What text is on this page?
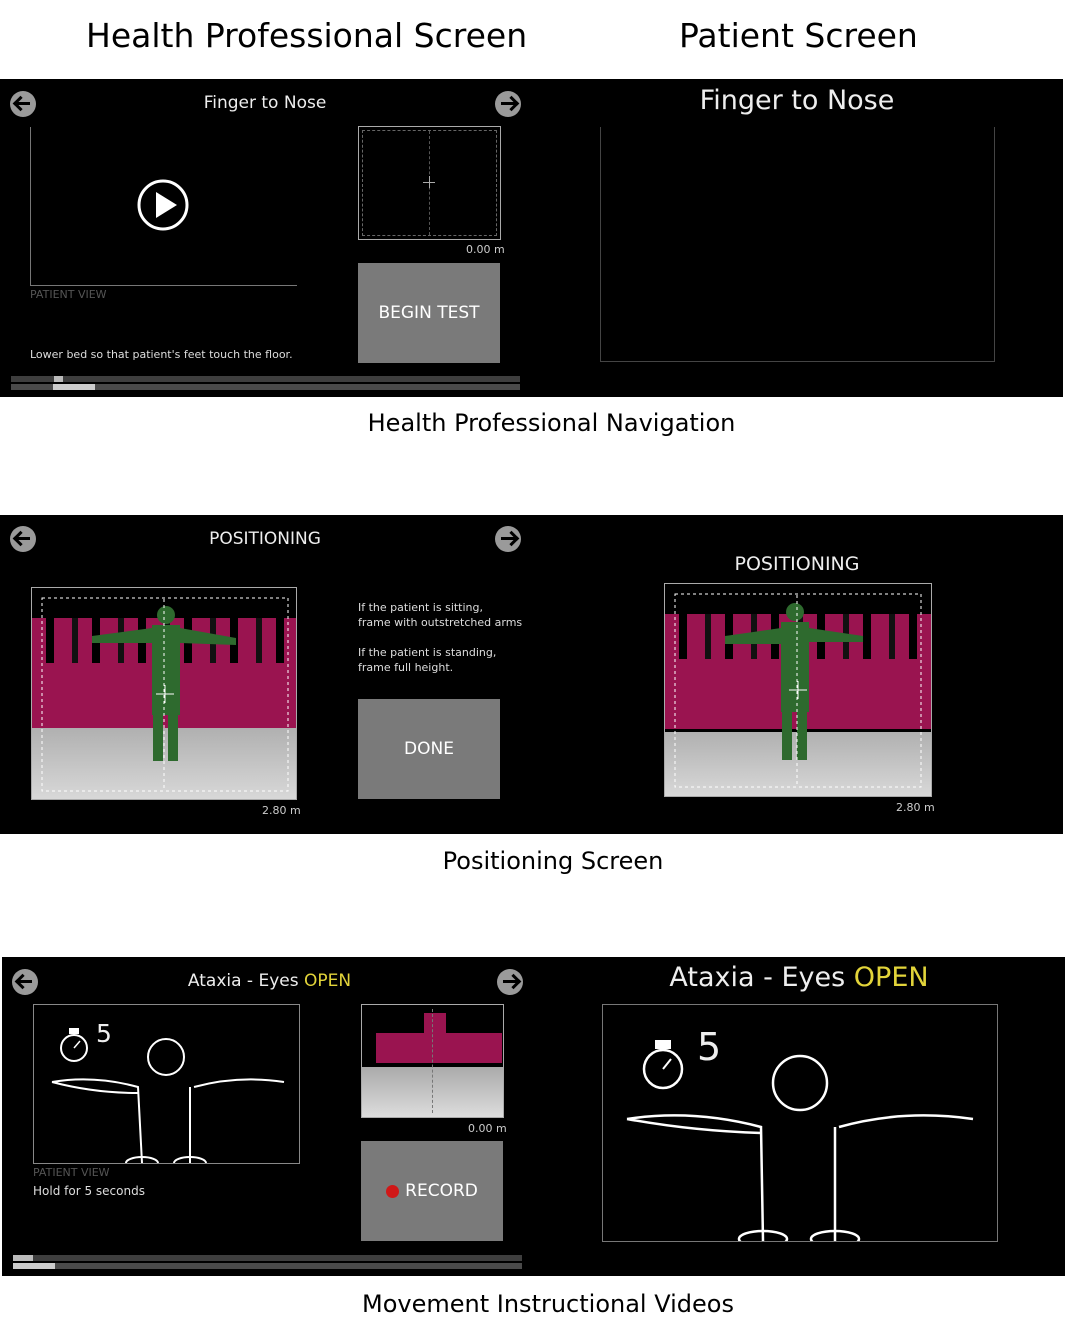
Health Professional Screen	Patient Screen
Finger to Nose
PATIENT VIEW
Lower bed so that patient's feet touch the floor.
0.00 m
BEGIN TEST
Finger to Nose
Health Professional Navigation
POSITIONING
2.80 m
If the patient is sitting,
frame with outstretched arms
If the patient is standing,
frame full height.
DONE
POSITIONING
2.80 m
Positioning Screen
Ataxia - Eyes OPEN
5
PATIENT VIEW
Hold for 5 seconds
0.00 m
RECORD
Ataxia - Eyes OPEN
5
Movement Instructional Videos
